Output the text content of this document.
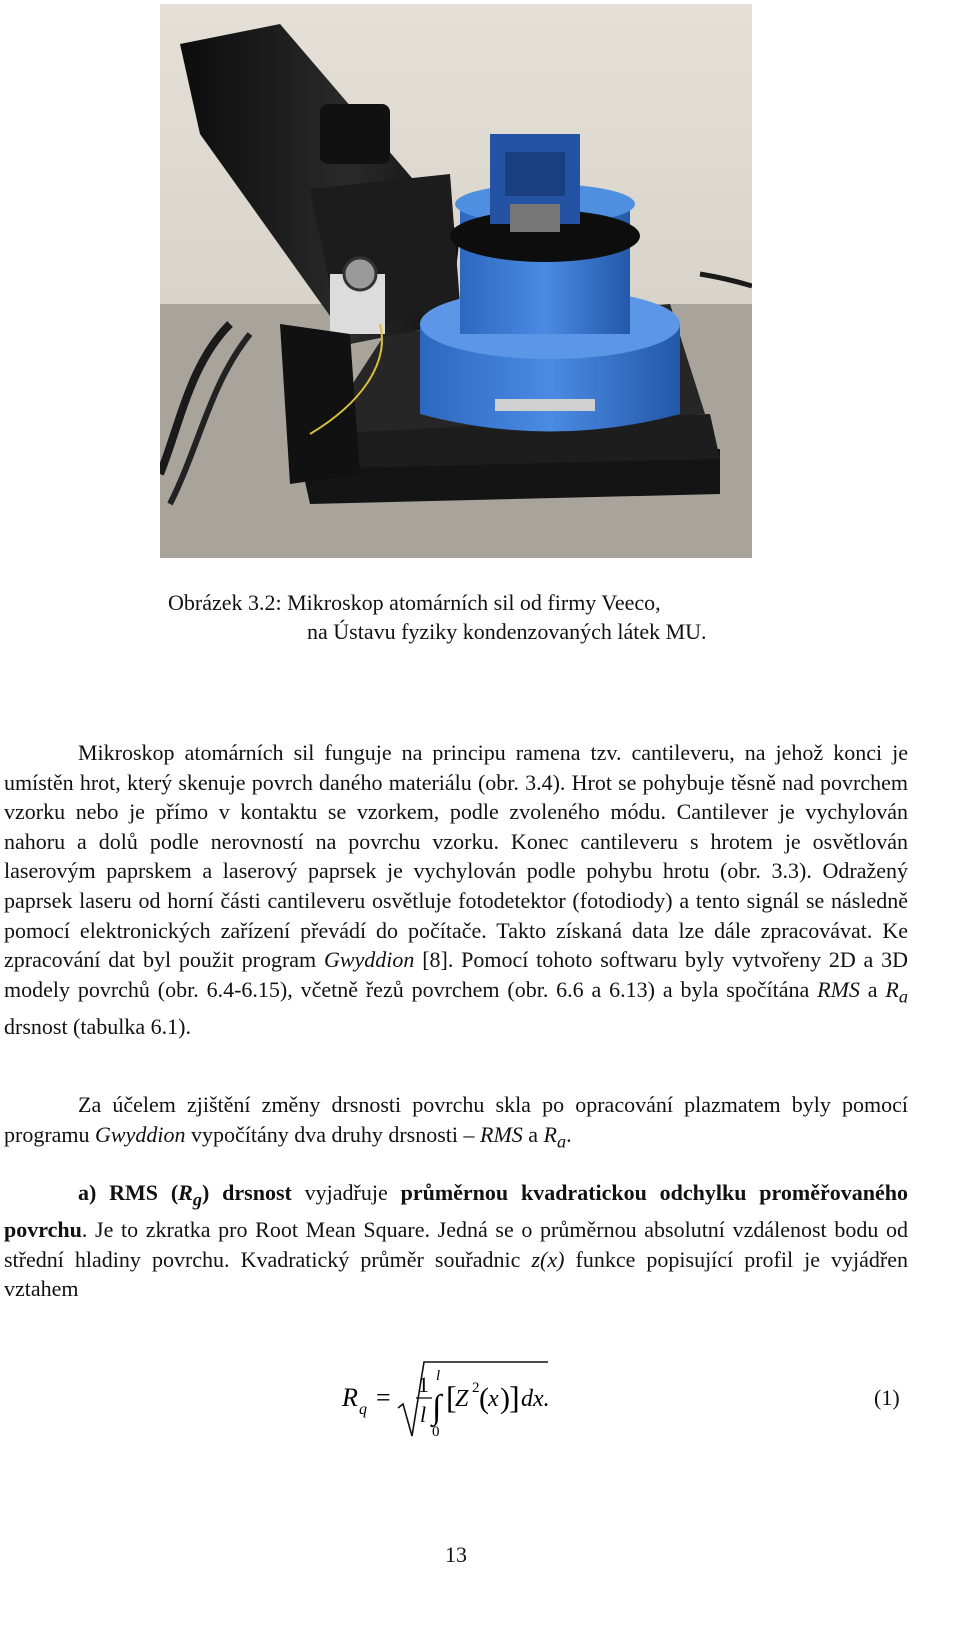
Obrázek 3.2: Mikroskop atomárních sil od firmy Veeco,
na Ústavu fyziky kondenzovaných látek MU.

Mikroskop atomárních sil funguje na principu ramena tzv. cantileveru, na jehož konci je umístěn hrot, který skenuje povrch daného materiálu (obr. 3.4). Hrot se pohybuje těsně nad povrchem vzorku nebo je přímo v kontaktu se vzorkem, podle zvoleného módu. Cantilever je vychylován nahoru a dolů podle nerovností na povrchu vzorku. Konec cantileveru s hrotem je osvětlován laserovým paprskem a laserový paprsek je vychylován podle pohybu hrotu (obr. 3.3). Odražený paprsek laseru od horní části cantileveru osvětluje fotodetektor (fotodiody) a tento signál se následně pomocí elektronických zařízení převádí do počítače. Takto získaná data lze dále zpracovávat. Ke zpracování dat byl použit program Gwyddion [8]. Pomocí tohoto softwaru byly vytvořeny 2D a 3D modely povrchů (obr. 6.4-6.15), včetně řezů povrchem (obr. 6.6 a 6.13) a byla spočítána RMS a $R_a$ drsnost (tabulka 6.1).

Za účelem zjištění změny drsnosti povrchu skla po opracování plazmatem byly pomocí programu Gwyddion vypočítány dva druhy drsnosti – RMS a $R_a$.

a) RMS $(R_g)$ drsnost vyjadřuje průměrnou kvadratickou odchylku proměřovaného povrchu. Je to zkratka pro Root Mean Square. Jedná se o průměrnou absolutní vzdálenost bodu od střední hladiny povrchu. Kvadratický průměr souřadnic z(x) funkce popisující profil je vyjádřen vztahem

R q = 1
l
l
∫
0
[
Z 2 ( x ) ] dx.	(1)
13
